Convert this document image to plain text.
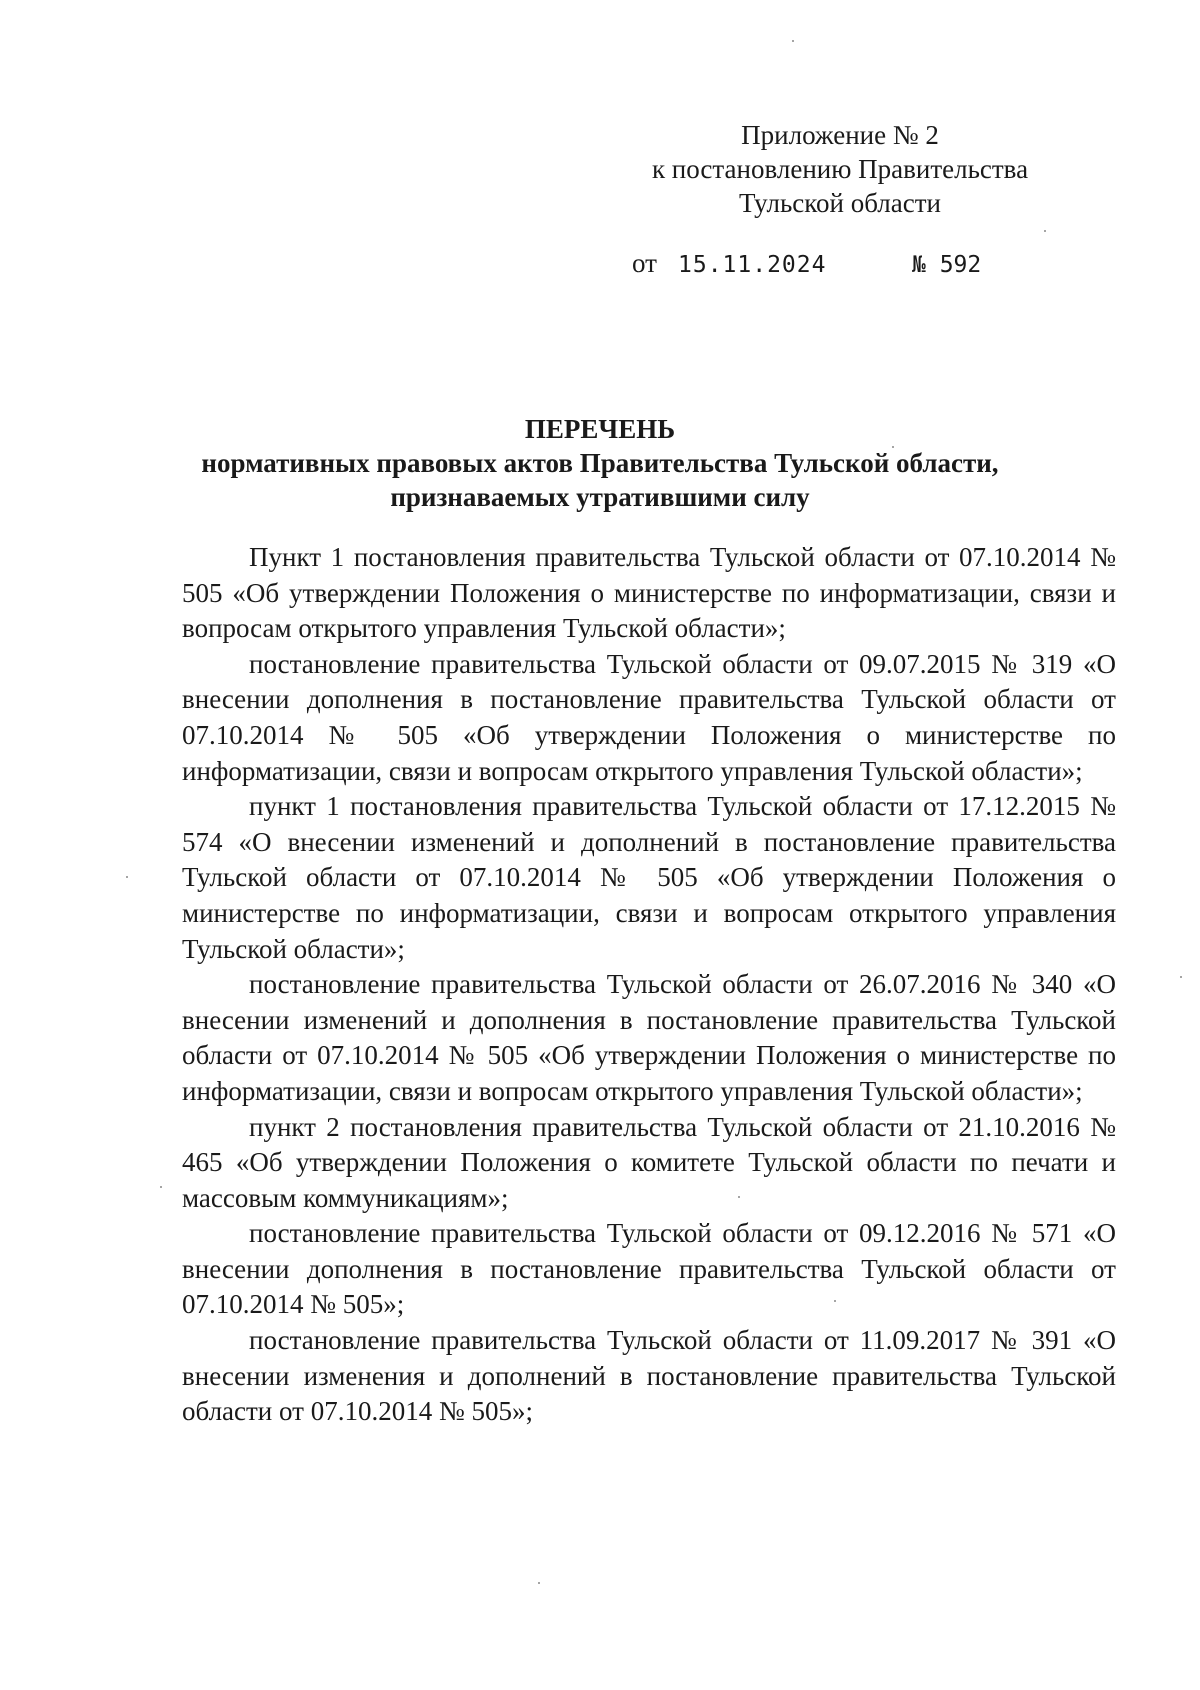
Приложение № 2
к постановлению Правительства
Тульской области
от 15.11.2024	№ 592
ПЕРЕЧЕНЬ
нормативных правовых актов Правительства Тульской области,
признаваемых утратившими силу

Пункт 1 постановления правительства Тульской области от 07.10.2014 № 505 «Об утверждении Положения о министерстве по информатизации, связи и вопросам открытого управления Тульской области»;

постановление правительства Тульской области от 09.07.2015 № 319 «О внесении дополнения в постановление правительства Тульской области от 07.10.2014 № 505 «Об утверждении Положения о министерстве по информатизации, связи и вопросам открытого управления Тульской области»;

пункт 1 постановления правительства Тульской области от 17.12.2015 № 574 «О внесении изменений и дополнений в постановление правительства Тульской области от 07.10.2014 № 505 «Об утверждении Положения о министерстве по информатизации, связи и вопросам открытого управления Тульской области»;

постановление правительства Тульской области от 26.07.2016 № 340 «О внесении изменений и дополнения в постановление правительства Тульской области от 07.10.2014 № 505 «Об утверждении Положения о министерстве по информатизации, связи и вопросам открытого управления Тульской области»;

пункт 2 постановления правительства Тульской области от 21.10.2016 № 465 «Об утверждении Положения о комитете Тульской области по печати и массовым коммуникациям»;

постановление правительства Тульской области от 09.12.2016 № 571 «О внесении дополнения в постановление правительства Тульской области от 07.10.2014 № 505»;

постановление правительства Тульской области от 11.09.2017 № 391 «О внесении изменения и дополнений в постановление правительства Тульской области от 07.10.2014 № 505»;
